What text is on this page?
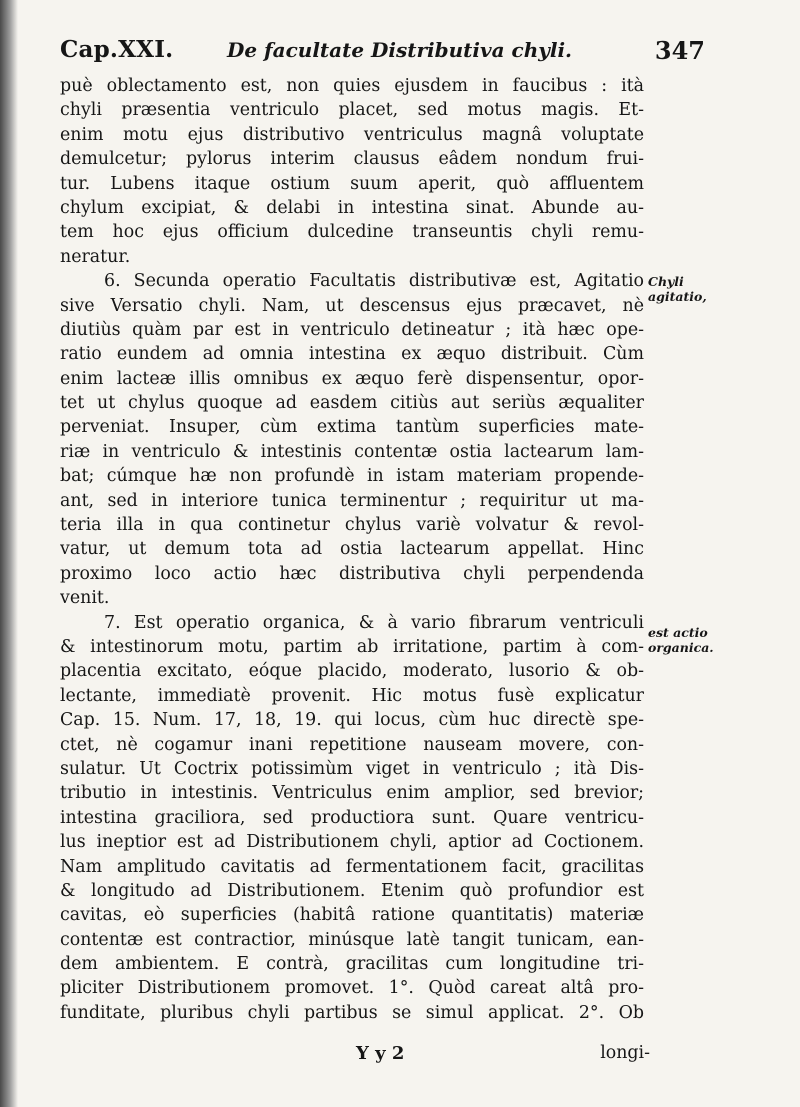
Cap.XXI.	De facultate Distributiva chyli.	347

puè oblectamento est, non quies ejusdem in faucibus : ità
chyli præsentia ventriculo placet, sed motus magis. Et-
enim motu ejus distributivo ventriculus magnâ voluptate
demulcetur; pylorus interim clausus eâdem nondum frui-
tur. Lubens itaque ostium suum aperit, quò affluentem
chylum excipiat, & delabi in intestina sinat. Abunde au-
tem hoc ejus officium dulcedine transeuntis chyli remu-
neratur.

6. Secunda operatio Facultatis distributivæ est, Agitatio
sive Versatio chyli. Nam, ut descensus ejus præcavet, nè
diutiùs quàm par est in ventriculo detineatur ; ità hæc ope-
ratio eundem ad omnia intestina ex æquo distribuit. Cùm
enim lacteæ illis omnibus ex æquo ferè dispensentur, opor-
tet ut chylus quoque ad easdem citiùs aut seriùs æqualiter
perveniat. Insuper, cùm extima tantùm superficies mate-
riæ in ventriculo & intestinis contentæ ostia lactearum lam-
bat; cúmque hæ non profundè in istam materiam propende-
ant, sed in interiore tunica terminentur ; requiritur ut ma-
teria illa in qua continetur chylus variè volvatur & revol-
vatur, ut demum tota ad ostia lactearum appellat. Hinc
proximo loco actio hæc distributiva chyli perpendenda
venit.

7. Est operatio organica, & à vario fibrarum ventriculi
& intestinorum motu, partim ab irritatione, partim à com-
placentia excitato, eóque placido, moderato, lusorio & ob-
lectante, immediatè provenit. Hic motus fusè explicatur
Cap. 15. Num. 17, 18, 19. qui locus, cùm huc directè spe-
ctet, nè cogamur inani repetitione nauseam movere, con-
sulatur. Ut Coctrix potissimùm viget in ventriculo ; ità Dis-
tributio in intestinis. Ventriculus enim amplior, sed brevior;
intestina graciliora, sed productiora sunt. Quare ventricu-
lus ineptior est ad Distributionem chyli, aptior ad Coctionem.
Nam amplitudo cavitatis ad fermentationem facit, gracilitas
& longitudo ad Distributionem. Etenim quò profundior est
cavitas, eò superficies (habitâ ratione quantitatis) materiæ
contentæ est contractior, minúsque latè tangit tunicam, ean-
dem ambientem. E contrà, gracilitas cum longitudine tri-
pliciter Distributionem promovet. 1°. Quòd careat altâ pro-
funditate, pluribus chyli partibus se simul applicat. 2°. Ob

Chyli agitatio,
est actio organica.
Y y 2	longi-
